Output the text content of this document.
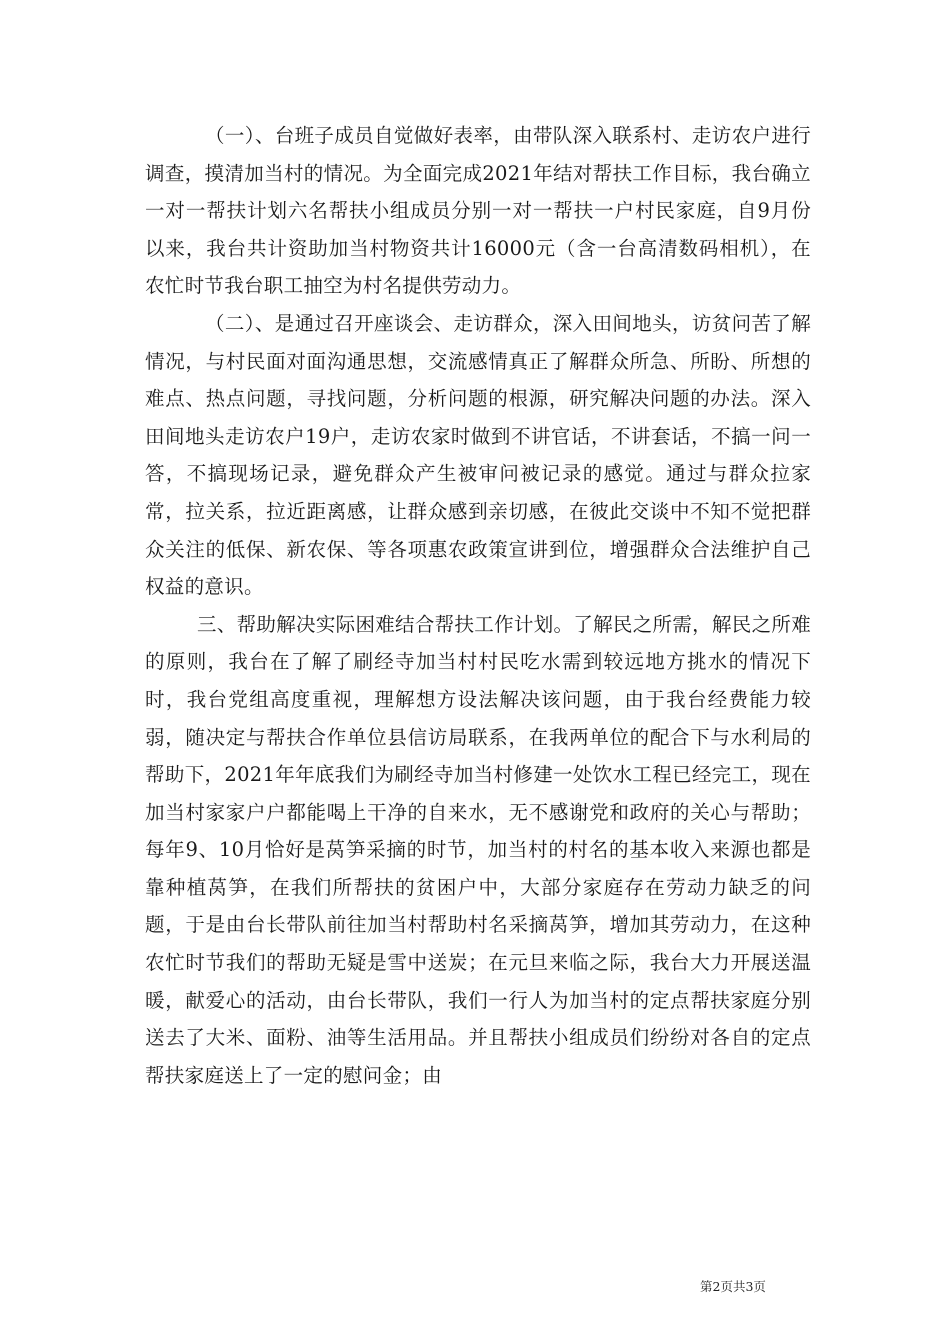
（一）、台班子成员自觉做好表率，由带队深入联系村、走访农户进行调查，摸清加当村的情况。为全面完成2021年结对帮扶工作目标，我台确立一对一帮扶计划六名帮扶小组成员分别一对一帮扶一户村民家庭，自9月份以来，我台共计资助加当村物资共计16000元（含一台高清数码相机），在农忙时节我台职工抽空为村名提供劳动力。

（二）、是通过召开座谈会、走访群众，深入田间地头，访贫问苦了解情况，与村民面对面沟通思想，交流感情真正了解群众所急、所盼、所想的难点、热点问题，寻找问题，分析问题的根源，研究解决问题的办法。深入田间地头走访农户19户，走访农家时做到不讲官话，不讲套话，不搞一问一答，不搞现场记录，避免群众产生被审问被记录的感觉。通过与群众拉家常，拉关系，拉近距离感，让群众感到亲切感，在彼此交谈中不知不觉把群众关注的低保、新农保、等各项惠农政策宣讲到位，增强群众合法维护自己权益的意识。

三、帮助解决实际困难结合帮扶工作计划。了解民之所需，解民之所难的原则，我台在了解了刷经寺加当村村民吃水需到较远地方挑水的情况下时，我台党组高度重视，理解想方设法解决该问题，由于我台经费能力较弱，随决定与帮扶合作单位县信访局联系，在我两单位的配合下与水利局的帮助下，2021年年底我们为刷经寺加当村修建一处饮水工程已经完工，现在加当村家家户户都能喝上干净的自来水，无不感谢党和政府的关心与帮助；每年9、10月恰好是莴笋采摘的时节，加当村的村名的基本收入来源也都是靠种植莴笋，在我们所帮扶的贫困户中，大部分家庭存在劳动力缺乏的问题，于是由台长带队前往加当村帮助村名采摘莴笋，增加其劳动力，在这种农忙时节我们的帮助无疑是雪中送炭；在元旦来临之际，我台大力开展送温暖，献爱心的活动，由台长带队，我们一行人为加当村的定点帮扶家庭分别送去了大米、面粉、油等生活用品。并且帮扶小组成员们纷纷对各自的定点帮扶家庭送上了一定的慰问金；由

第2页共3页
